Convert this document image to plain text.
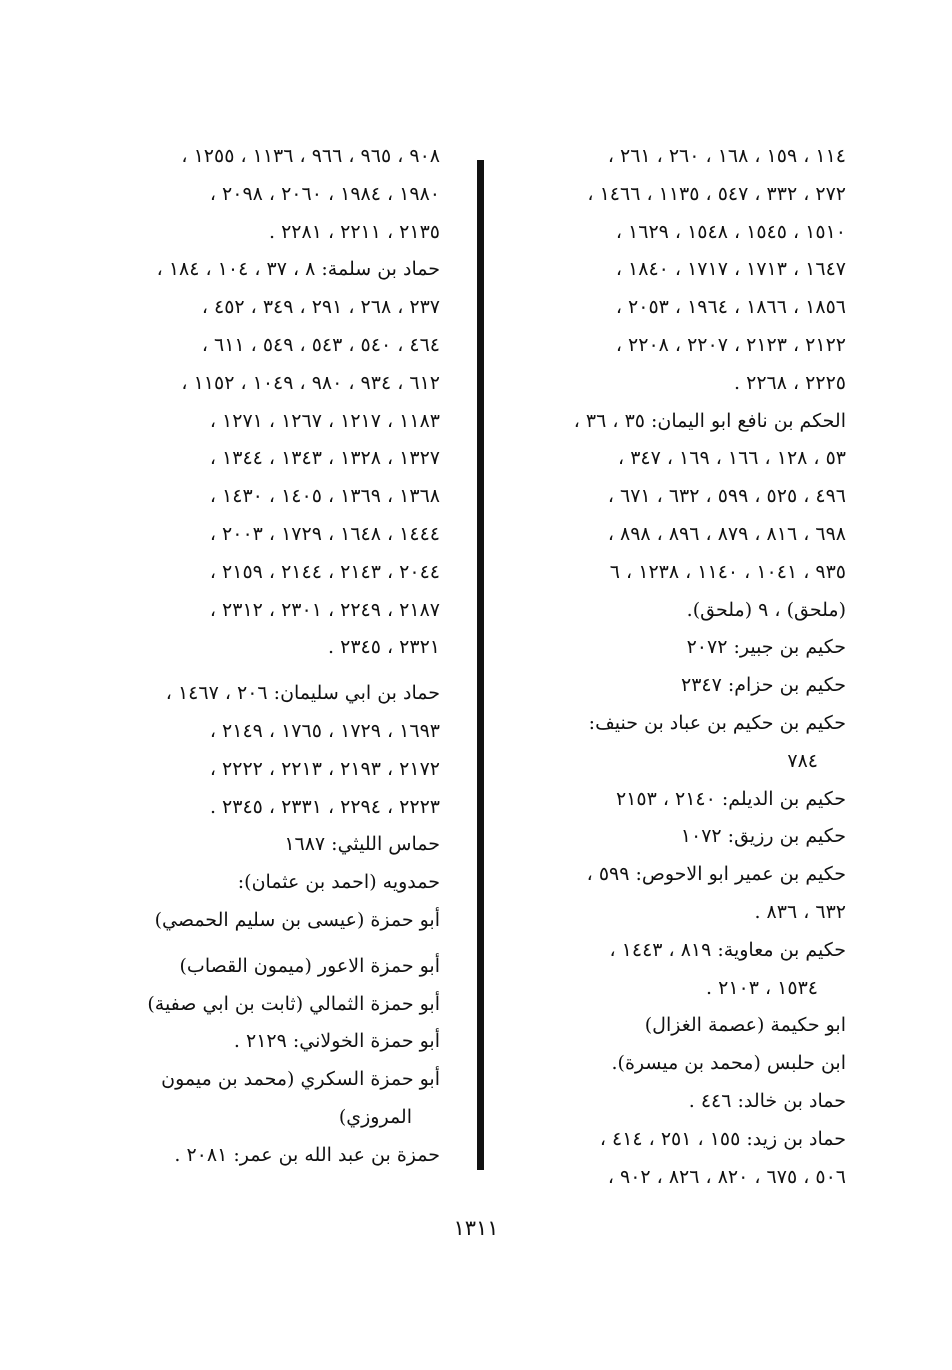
١١٤ ، ١٥٩ ، ١٦٨ ، ٢٦٠ ، ٢٦١ ،
٢٧٢ ، ٣٣٢ ، ٥٤٧ ، ١١٣٥ ، ١٤٦٦ ،
١٥١٠ ، ١٥٤٥ ، ١٥٤٨ ، ١٦٢٩ ،
١٦٤٧ ، ١٧١٣ ، ١٧١٧ ، ١٨٤٠ ،
١٨٥٦ ، ١٨٦٦ ، ١٩٦٤ ، ٢٠٥٣ ،
٢١٢٢ ، ٢١٢٣ ، ٢٢٠٧ ، ٢٢٠٨ ،
٢٢٢٥ ، ٢٢٦٨ .
الحكم بن نافع ابو اليمان: ٣٥ ، ٣٦ ،
٥٣ ، ١٢٨ ، ١٦٦ ، ١٦٩ ، ٣٤٧ ،
٤٩٦ ، ٥٢٥ ، ٥٩٩ ، ٦٣٢ ، ٦٧١ ،
٦٩٨ ، ٨١٦ ، ٨٧٩ ، ٨٩٦ ، ٨٩٨ ،
٩٣٥ ، ١٠٤١ ، ١١٤٠ ، ١٢٣٨ ، ٦
(ملحق) ، ٩ (ملحق).
حكيم بن جبير: ٢٠٧٢
حكيم بن حزام: ٢٣٤٧
حكيم بن حكيم بن عباد بن حنيف:
٧٨٤
حكيم بن الديلم: ٢١٤٠ ، ٢١٥٣
حكيم بن رزيق: ١٠٧٢
حكيم بن عمير ابو الاحوص: ٥٩٩ ،
٦٣٢ ، ٨٣٦ .
حكيم بن معاوية: ٨١٩ ، ١٤٤٣ ،
١٥٣٤ ، ٢١٠٣ .
ابو حكيمة (عصمة الغزال)
ابن حلبس (محمد بن ميسرة).
حماد بن خالد: ٤٤٦ .
حماد بن زيد: ١٥٥ ، ٢٥١ ، ٤١٤ ،
٥٠٦ ، ٦٧٥ ، ٨٢٠ ، ٨٢٦ ، ٩٠٢ ،
٩٠٨ ، ٩٦٥ ، ٩٦٦ ، ١١٣٦ ، ١٢٥٥ ،
١٩٨٠ ، ١٩٨٤ ، ٢٠٦٠ ، ٢٠٩٨ ،
٢١٣٥ ، ٢٢١١ ، ٢٢٨١ .
حماد بن سلمة: ٨ ، ٣٧ ، ١٠٤ ، ١٨٤ ،
٢٣٧ ، ٢٦٨ ، ٢٩١ ، ٣٤٩ ، ٤٥٢ ،
٤٦٤ ، ٥٤٠ ، ٥٤٣ ، ٥٤٩ ، ٦١١ ،
٦١٢ ، ٩٣٤ ، ٩٨٠ ، ١٠٤٩ ، ١١٥٢ ،
١١٨٣ ، ١٢١٧ ، ١٢٦٧ ، ١٢٧١ ،
١٣٢٧ ، ١٣٢٨ ، ١٣٤٣ ، ١٣٤٤ ،
١٣٦٨ ، ١٣٦٩ ، ١٤٠٥ ، ١٤٣٠ ،
١٤٤٤ ، ١٦٤٨ ، ١٧٢٩ ، ٢٠٠٣ ،
٢٠٤٤ ، ٢١٤٣ ، ٢١٤٤ ، ٢١٥٩ ،
٢١٨٧ ، ٢٢٤٩ ، ٢٣٠١ ، ٢٣١٢ ،
٢٣٢١ ، ٢٣٤٥ .
حماد بن ابي سليمان: ٢٠٦ ، ١٤٦٧ ،
١٦٩٣ ، ١٧٢٩ ، ١٧٦٥ ، ٢١٤٩ ،
٢١٧٢ ، ٢١٩٣ ، ٢٢١٣ ، ٢٢٢٢ ،
٢٢٢٣ ، ٢٢٩٤ ، ٢٣٣١ ، ٢٣٤٥ .
حماس الليثي: ١٦٨٧
حمدويه (احمد بن عثمان):
أبو حمزة (عيسى بن سليم الحمصي)
أبو حمزة الاعور (ميمون القصاب)
أبو حمزة الثمالي (ثابت بن ابي صفية)
أبو حمزة الخولاني: ٢١٢٩ .
أبو حمزة السكري (محمد بن ميمون
المروزي)
حمزة بن عبد الله بن عمر: ٢٠٨١ .
١٣١١
